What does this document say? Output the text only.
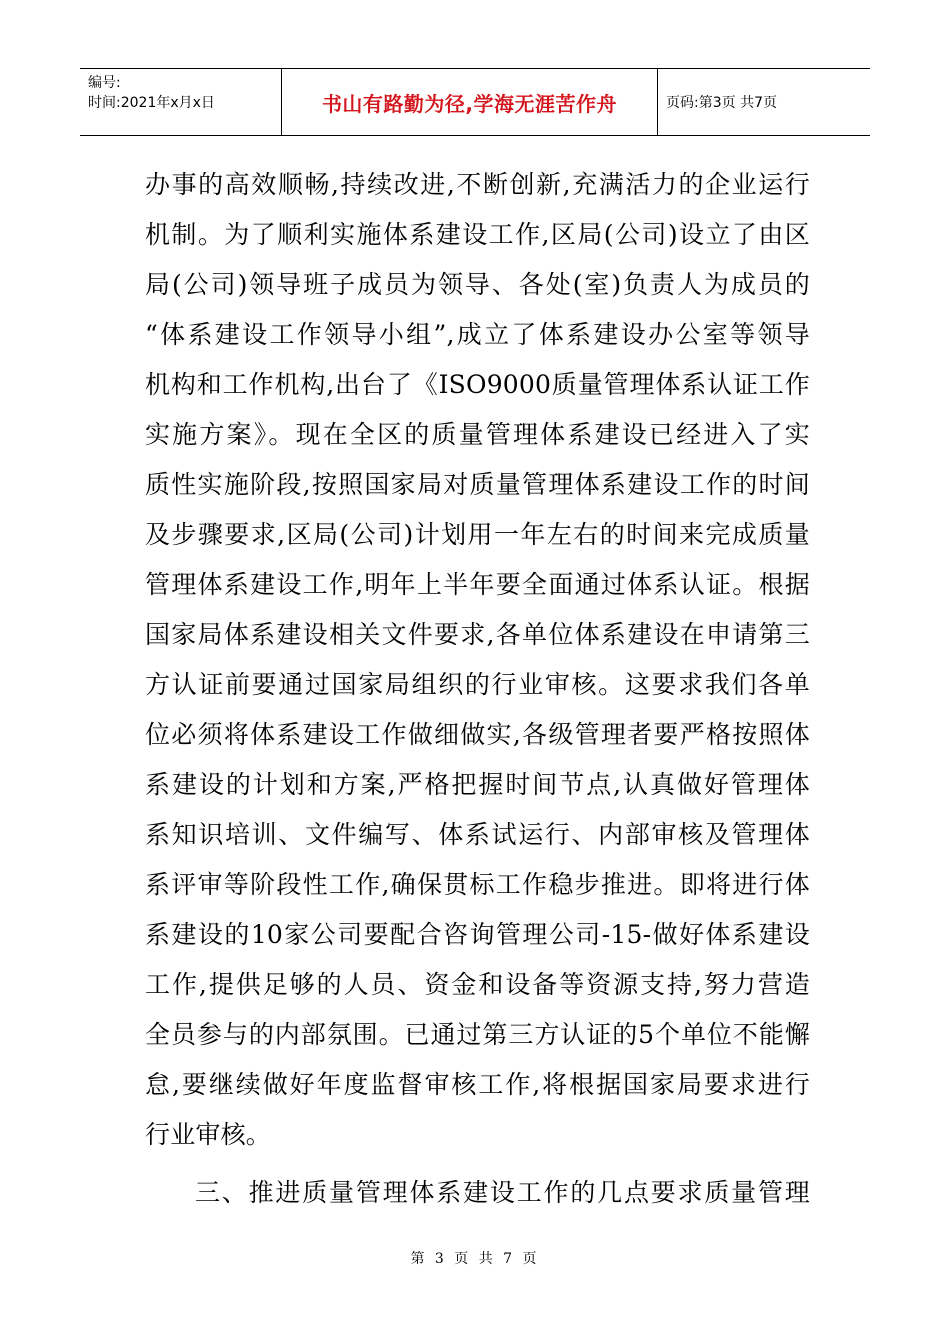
编号:
时间:2021年x月x日	书山有路勤为径,学海无涯苦作舟	页码:第3页 共7页
办事的高效顺畅,持续改进,不断创新,充满活力的企业运行
机制。为了顺利实施体系建设工作,区局(公司)设立了由区
局(公司)领导班子成员为领导、各处(室)负责人为成员的
“体系建设工作领导小组”,成立了体系建设办公室等领导
机构和工作机构,出台了《ISO9000质量管理体系认证工作
实施方案》。现在全区的质量管理体系建设已经进入了实
质性实施阶段,按照国家局对质量管理体系建设工作的时间
及步骤要求,区局(公司)计划用一年左右的时间来完成质量
管理体系建设工作,明年上半年要全面通过体系认证。根据
国家局体系建设相关文件要求,各单位体系建设在申请第三
方认证前要通过国家局组织的行业审核。这要求我们各单
位必须将体系建设工作做细做实,各级管理者要严格按照体
系建设的计划和方案,严格把握时间节点,认真做好管理体
系知识培训、文件编写、体系试运行、内部审核及管理体
系评审等阶段性工作,确保贯标工作稳步推进。即将进行体
系建设的10家公司要配合咨询管理公司-15-做好体系建设
工作,提供足够的人员、资金和设备等资源支持,努力营造
全员参与的内部氛围。已通过第三方认证的5个单位不能懈
怠,要继续做好年度监督审核工作,将根据国家局要求进行
行业审核。
三、推进质量管理体系建设工作的几点要求质量管理
第 3 页 共 7 页
